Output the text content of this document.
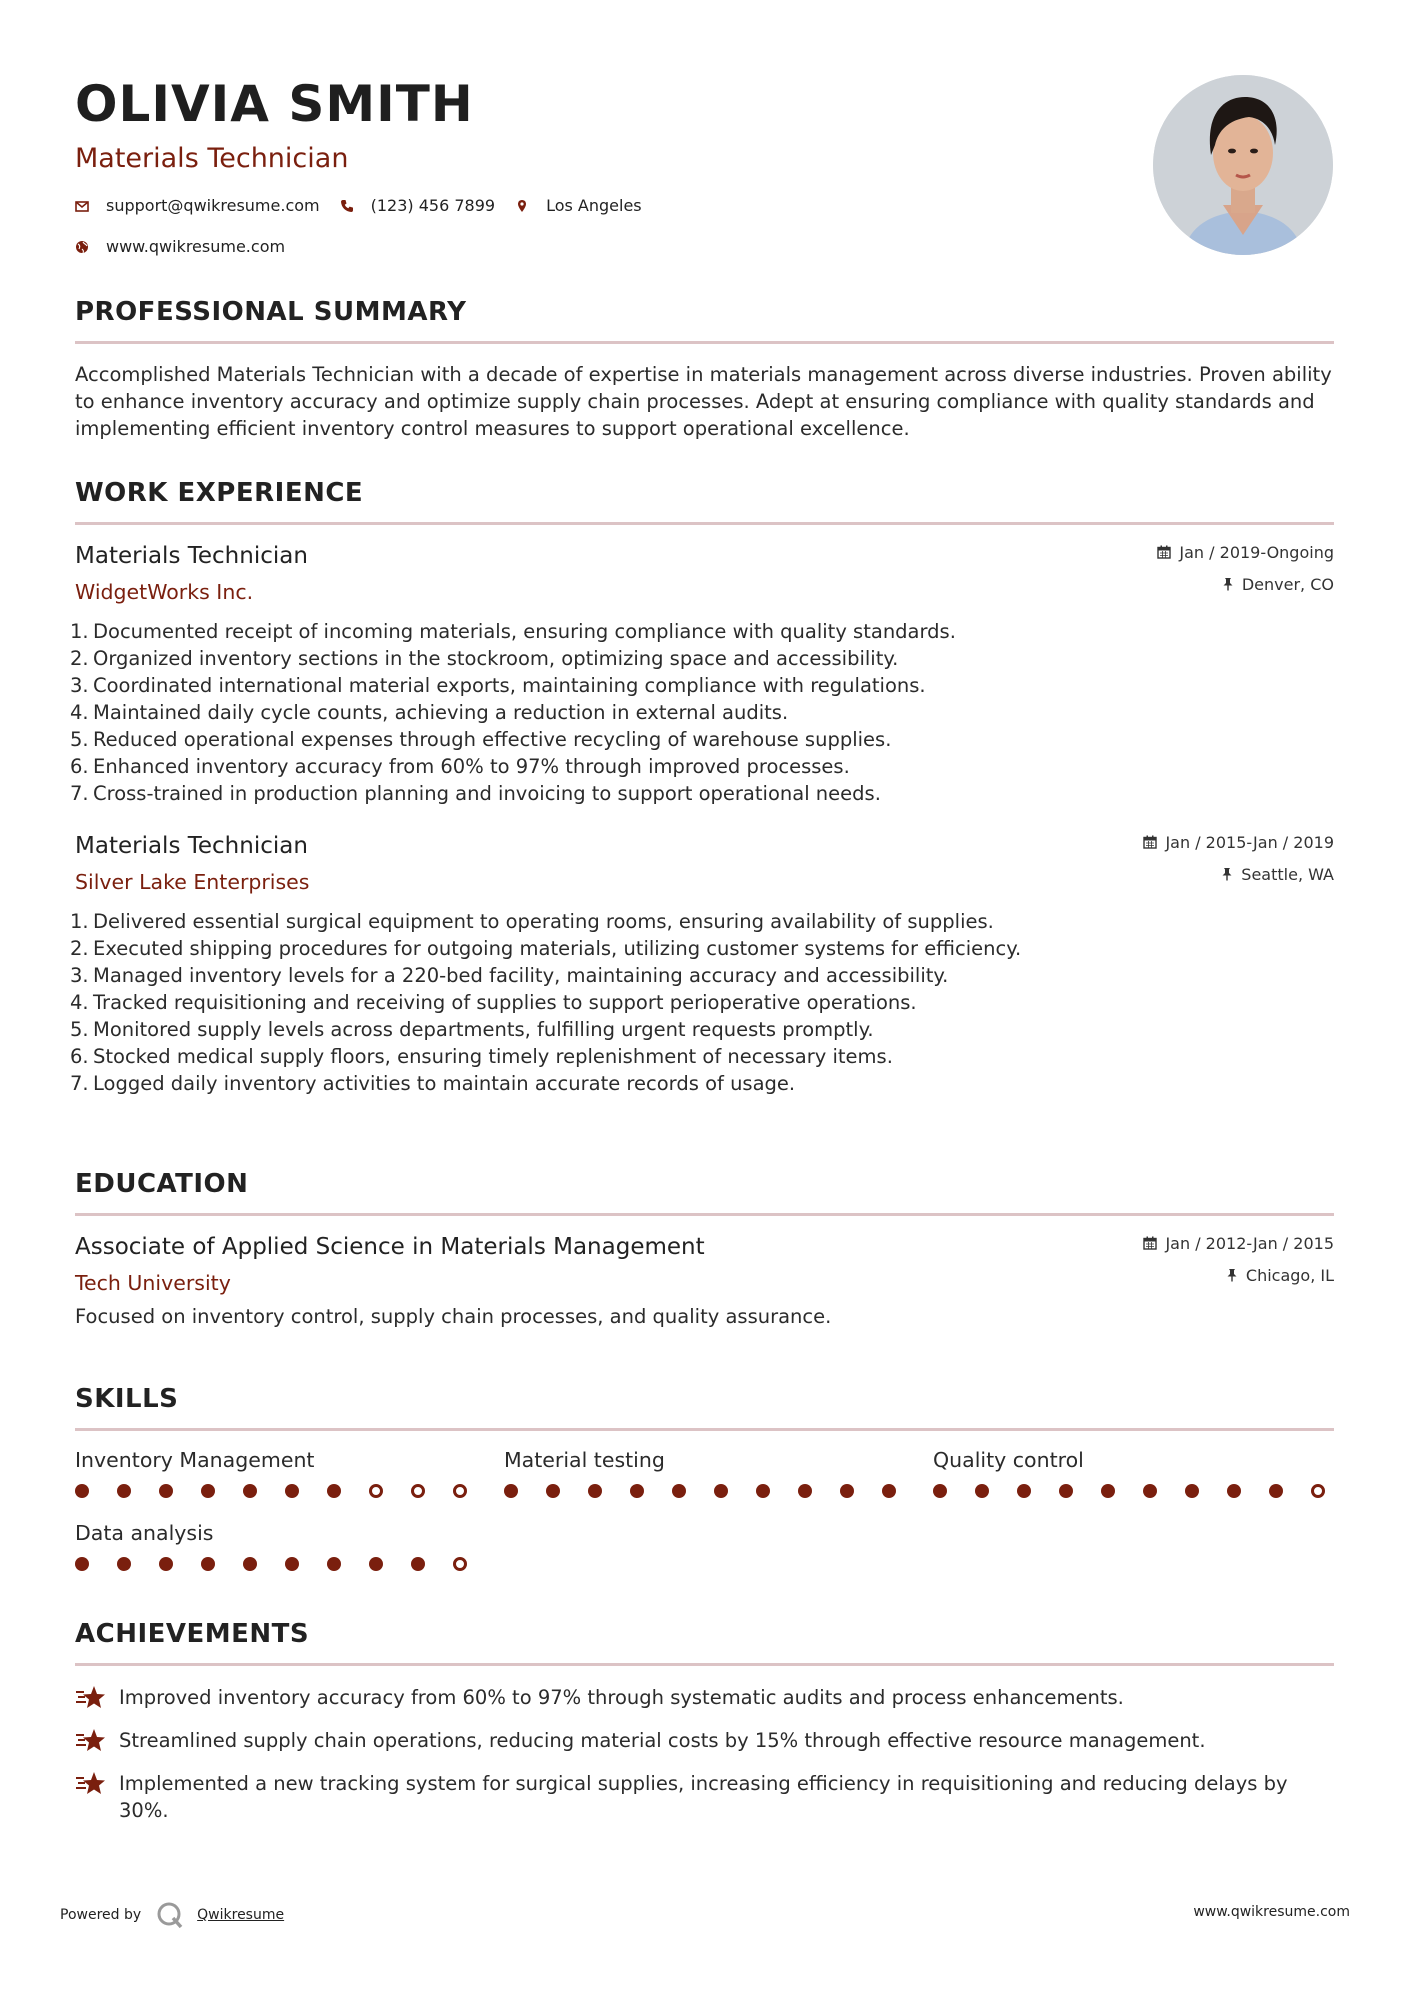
OLIVIA SMITH
Materials Technician
support@qwikresume.com	(123) 456 7899	Los Angeles
www.qwikresume.com
PROFESSIONAL SUMMARY
Accomplished Materials Technician with a decade of expertise in materials management across diverse industries. Proven ability to enhance inventory accuracy and optimize supply chain processes. Adept at ensuring compliance with quality standards and implementing efficient inventory control measures to support operational excellence.
WORK EXPERIENCE
Materials Technician
WidgetWorks Inc.
Jan / 2019-Ongoing
Denver, CO
1. Documented receipt of incoming materials, ensuring compliance with quality standards.
2. Organized inventory sections in the stockroom, optimizing space and accessibility.
3. Coordinated international material exports, maintaining compliance with regulations.
4. Maintained daily cycle counts, achieving a reduction in external audits.
5. Reduced operational expenses through effective recycling of warehouse supplies.
6. Enhanced inventory accuracy from 60% to 97% through improved processes.
7. Cross-trained in production planning and invoicing to support operational needs.
Materials Technician
Silver Lake Enterprises
Jan / 2015-Jan / 2019
Seattle, WA
1. Delivered essential surgical equipment to operating rooms, ensuring availability of supplies.
2. Executed shipping procedures for outgoing materials, utilizing customer systems for efficiency.
3. Managed inventory levels for a 220-bed facility, maintaining accuracy and accessibility.
4. Tracked requisitioning and receiving of supplies to support perioperative operations.
5. Monitored supply levels across departments, fulfilling urgent requests promptly.
6. Stocked medical supply floors, ensuring timely replenishment of necessary items.
7. Logged daily inventory activities to maintain accurate records of usage.
EDUCATION
Associate of Applied Science in Materials Management
Tech University
Jan / 2012-Jan / 2015
Chicago, IL
Focused on inventory control, supply chain processes, and quality assurance.
SKILLS
Inventory Management	Material testing	Quality control
Data analysis
ACHIEVEMENTS
Improved inventory accuracy from 60% to 97% through systematic audits and process enhancements.
Streamlined supply chain operations, reducing material costs by 15% through effective resource management.
Implemented a new tracking system for surgical supplies, increasing efficiency in requisitioning and reducing delays by 30%.
Powered by	Qwikresume	www.qwikresume.com
